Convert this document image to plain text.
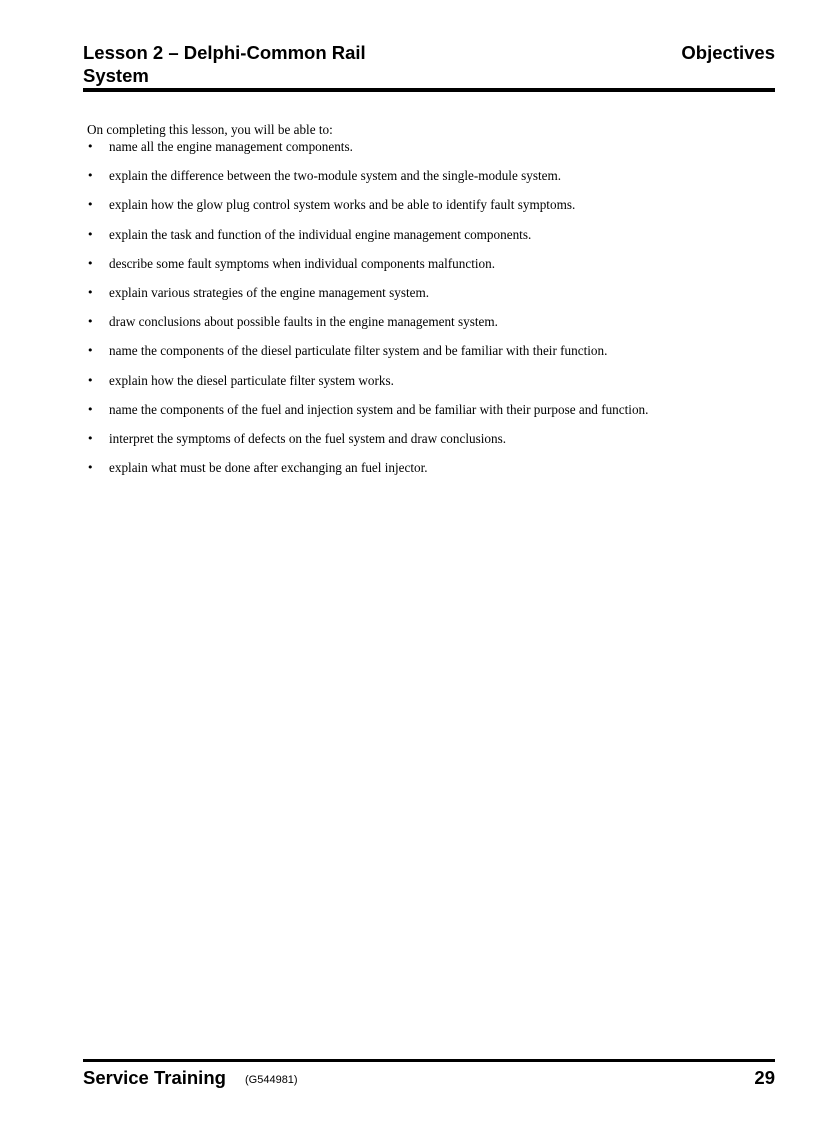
Lesson 2 – Delphi-Common Rail System
Objectives

On completing this lesson, you will be able to:

• name all the engine management components.
• explain the difference between the two-module system and the single-module system.
• explain how the glow plug control system works and be able to identify fault symptoms.
• explain the task and function of the individual engine management components.
• describe some fault symptoms when individual components malfunction.
• explain various strategies of the engine management system.
• draw conclusions about possible faults in the engine management system.
• name the components of the diesel particulate filter system and be familiar with their function.
• explain how the diesel particulate filter system works.
• name the components of the fuel and injection system and be familiar with their purpose and function.
• interpret the symptoms of defects on the fuel system and draw conclusions.
• explain what must be done after exchanging an fuel injector.
Service Training (G544981)	29
